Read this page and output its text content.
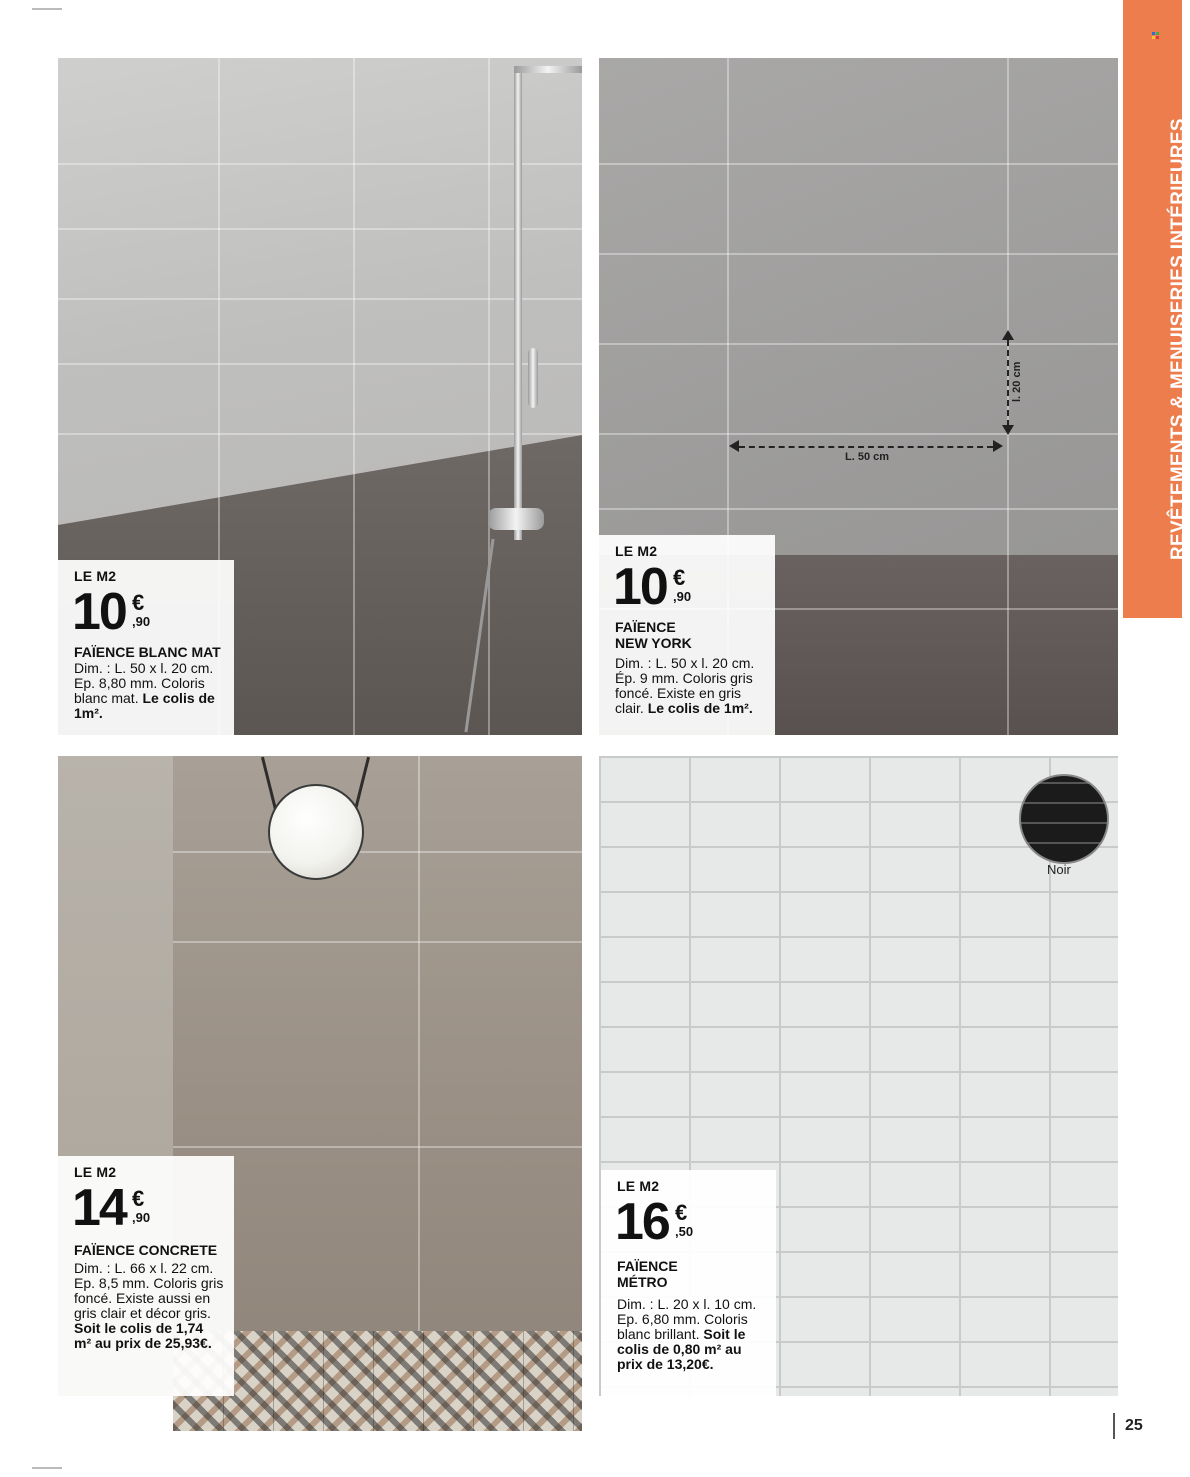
LE M2
10 €
,90
FAÏENCE BLANC MAT
Dim. : L. 50 x l. 20 cm. Ep. 8,80 mm. Coloris blanc mat. Le colis de 1m².
L. 50 cm
l. 20 cm
LE M2
10 €
,90
FAÏENCE
NEW YORK
Dim. : L. 50 x l. 20 cm. Ép. 9 mm. Coloris gris foncé. Existe en gris clair. Le colis de 1m².
LE M2
14 €
,90
FAÏENCE CONCRETE
Dim. : L. 66 x l. 22 cm. Ep. 8,5 mm. Coloris gris foncé. Existe aussi en gris clair et décor gris. Soit le colis de 1,74 m² au prix de 25,93€.
Noir
LE M2
16 €
,50
FAÏENCE
MÉTRO
Dim. : L. 20 x l. 10 cm. Ep. 6,80 mm. Coloris blanc brillant. Soit le colis de 0,80 m² au prix de 13,20€.
REVÊTEMENTS & MENUISERIES INTÉRIEURES
25
